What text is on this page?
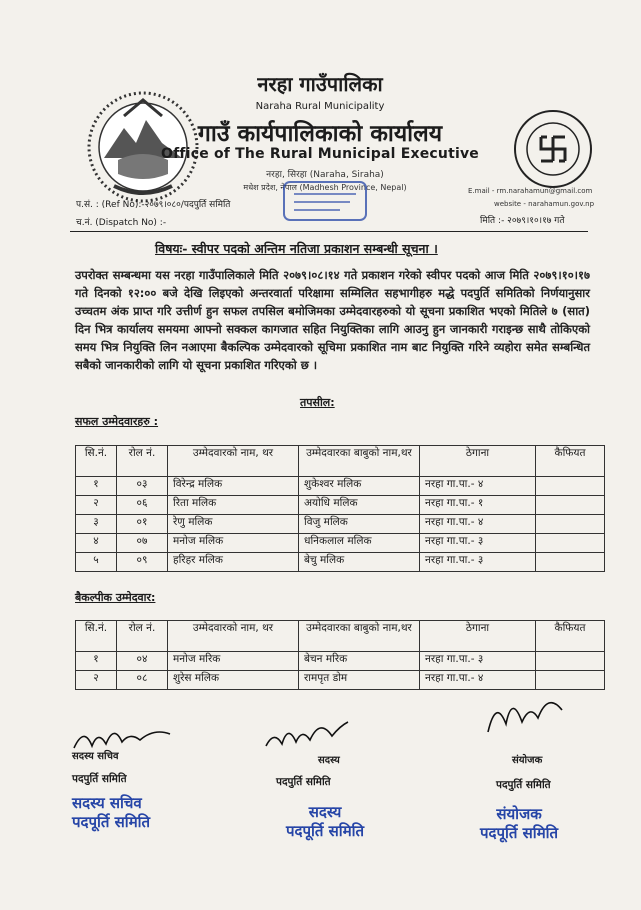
नरहा गाउँपालिका
Naraha Rural Municipality
गाउँ कार्यपालिकाको कार्यालय
Office of The Rural Municipal Executive
नरहा, सिरहा (Naraha, Siraha)
मधेश प्रदेश, नेपाल (Madhesh Province, Nepal)
प.सं. : (Ref No):-२०७९।०८०/पदपुर्ति समिति
च.नं. (Dispatch No) :-
E.mail - rm.narahamun@gmail.com
website - narahamun.gov.np
मिति :- २०७९।१०।१७ गते
विषयः- स्वीपर पदको अन्तिम नतिजा प्रकाशन सम्बन्धी सूचना ।
उपरोक्त सम्बन्धमा यस नरहा गाउँपालिकाले मिति २०७९।०८।१४ गते प्रकाशन गरेको स्वीपर पदको आज मिति २०७९।१०।१७ गते दिनको १२:०० बजे देखि लिइएको अन्तरवार्ता परिक्षामा सम्मिलित सहभागीहरु मद्धे पदपुर्ति समितिको निर्णयानुसार उच्चतम अंक प्राप्त गरि उत्तीर्ण हुन सफल तपसिल बमोजिमका उम्मेदवारहरुको यो सूचना प्रकाशित भएको मितिले ७ (सात) दिन भित्र कार्यालय समयमा आफ्नो सक्कल कागजात सहित नियुक्तिका लागि आउनु हुन जानकारी गराइन्छ साथै तोकिएको समय भित्र नियुक्ति लिन नआएमा बैकल्पिक उम्मेदवारको सूचिमा प्रकाशित नाम बाट नियुक्ति गरिने व्यहोरा समेत सम्बन्धित सबैको जानकारीको लागि यो सूचना प्रकाशित गरिएको छ ।
तपसील:
सफल उम्मेदवारहरु :
सि.नं.	रोल नं.	उम्मेदवारको नाम, थर	उम्मेदवारका बाबुको नाम,थर	ठेगाना	कैफियत
१	०३	विरेन्द्र मलिक	शुकेश्वर मलिक	नरहा गा.पा.- ४	
२	०६	रिता मलिक	अयोधि मलिक	नरहा गा.पा.- १	
३	०१	रेणु मलिक	विजु मलिक	नरहा गा.पा.- ४	
४	०७	मनोज मलिक	धनिकलाल मलिक	नरहा गा.पा.- ३	
५	०९	हरिहर मलिक	बेचु मलिक	नरहा गा.पा.- ३	
बैकल्पीक उम्मेदवार:
सि.नं.	रोल नं.	उम्मेदवारको नाम, थर	उम्मेदवारका बाबुको नाम,थर	ठेगाना	कैफियत
१	०४	मनोज मरिक	बेचन मरिक	नरहा गा.पा.- ३	
२	०८	शुरेस मलिक	रामपृत डोम	नरहा गा.पा.- ४	
सदस्य सचिव
पदपुर्ति समिति
सदस्य सचिव
पदपूर्ति समिति
सदस्य
पदपुर्ति समिति
सदस्य
पदपूर्ति समिति
संयोजक
पदपुर्ति समिति
संयोजक
पदपूर्ति समिति
